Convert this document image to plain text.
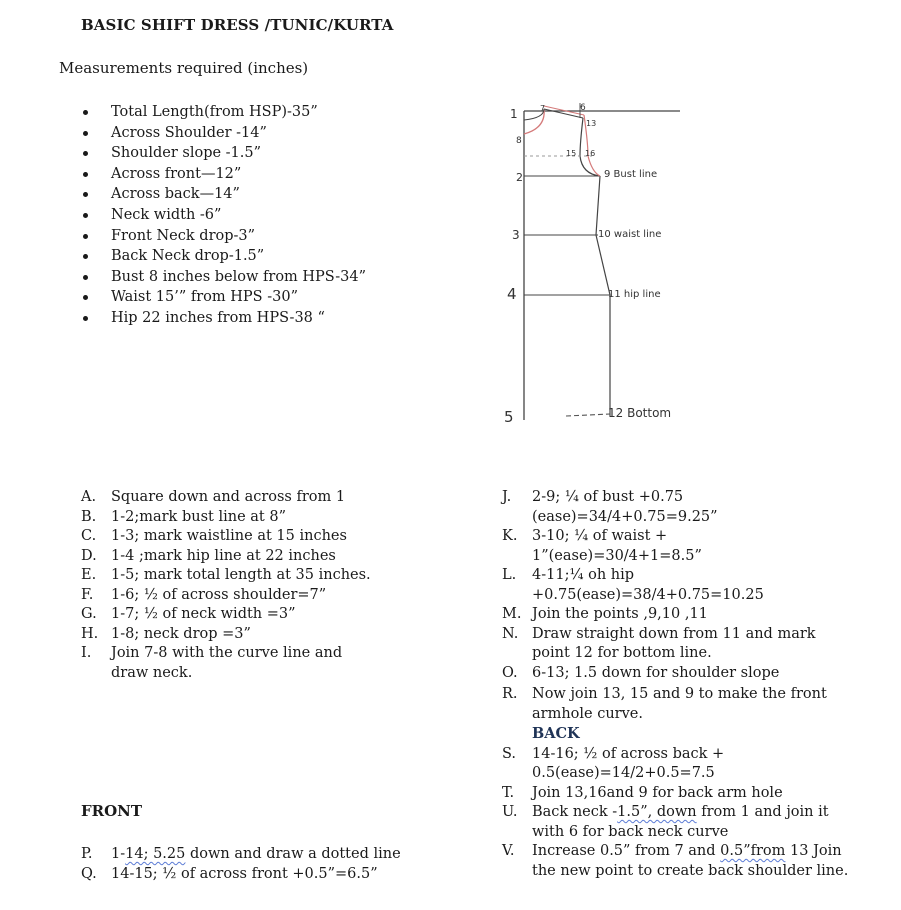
BASIC SHIFT DRESS /TUNIC/KURTA
Measurements required (inches)
Total Length(from HSP)-35”
Across Shoulder -14”
Shoulder slope -1.5”
Across front—12”
Across back—14”
Neck width -6”
Front Neck drop-3”
Back Neck drop-1.5”
Bust 8 inches below from HPS-34”
Waist 15’” from HPS -30”
Hip 22 inches from HPS-38 “
1
8
7	6
13
15 16
2
3
4
5
9 Bust line
10 waist line
11 hip line
12 Bottom
A. Square down and across from 1
B. 1-2;mark bust line at 8”
C. 1-3; mark waistline at 15 inches
D. 1-4 ;mark hip line at 22 inches
E. 1-5; mark total length at 35 inches.
F. 1-6; ½ of across shoulder=7”
G. 1-7; ½ of neck width =3”
H. 1-8; neck drop =3”
I. Join 7-8 with the curve line and draw neck.
J. 2-9; ¼ of bust +0.75 (ease)=34/4+0.75=9.25”
K. 3-10; ¼ of waist + 1”(ease)=30/4+1=8.5”
L. 4-11;¼ oh hip +0.75(ease)=38/4+0.75=10.25
M. Join the points ,9,10 ,11
N. Draw straight down from 11 and mark point 12 for bottom line.
O. 6-13; 1.5 down for shoulder slope
R. Now join 13, 15 and 9 to make the front armhole curve.
BACK
S. 14-16; ½ of across back + 0.5(ease)=14/2+0.5=7.5
T. Join 13,16and 9 for back arm hole
U. Back neck -1.5”, down from 1 and join it with 6 for back neck curve
V. Increase 0.5” from 7 and 0.5”from 13 Join the new point to create back shoulder line.
FRONT
P. 1-14; 5.25 down and draw a dotted line
Q. 14-15; ½ of across front +0.5”=6.5”
